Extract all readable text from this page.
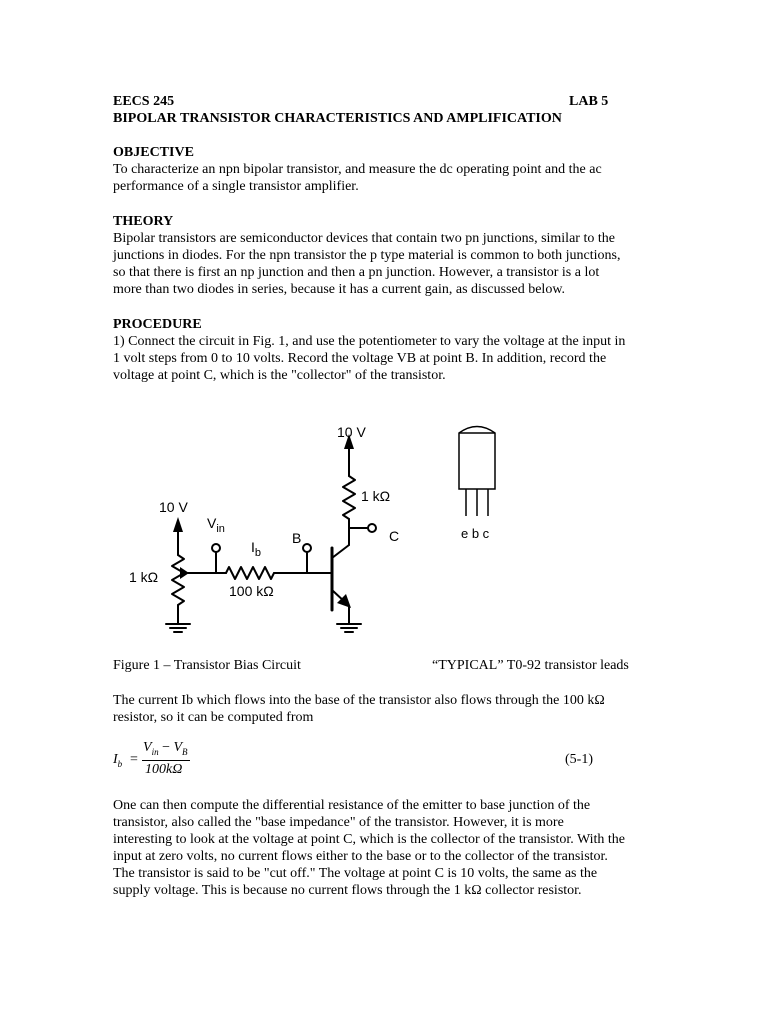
EECS 245	LAB 5
BIPOLAR TRANSISTOR CHARACTERISTICS AND AMPLIFICATION
OBJECTIVE
To characterize an npn bipolar transistor, and measure the dc operating point and the ac
performance of a single transistor amplifier.
THEORY
Bipolar transistors are semiconductor devices that contain two pn junctions, similar to the
junctions in diodes. For the npn transistor the p type material is common to both junctions,
so that there is first an np junction and then a pn junction. However, a transistor is a lot
more than two diodes in series, because it has a current gain, as discussed below.
PROCEDURE
1) Connect the circuit in Fig. 1, and use the potentiometer to vary the voltage at the input in
1 volt steps from 0 to 10 volts. Record the voltage VB at point B. In addition, record the
voltage at point C, which is the "collector" of the transistor.
10 V
1 kΩ
C
10 V
1 kΩ
$V_{in}$
$I_b$
B
100 kΩ
e b c
Figure 1 – Transistor Bias Circuit	“TYPICAL” T0-92 transistor leads
The current Ib which flows into the base of the transistor also flows through the 100 kΩ
resistor, so it can be computed from
$I_b$ =
$V_{in} - V_B$
100kΩ
(5-1)
One can then compute the differential resistance of the emitter to base junction of the
transistor, also called the "base impedance" of the transistor. However, it is more
interesting to look at the voltage at point C, which is the collector of the transistor. With the
input at zero volts, no current flows either to the base or to the collector of the transistor.
The transistor is said to be "cut off." The voltage at point C is 10 volts, the same as the
supply voltage. This is because no current flows through the 1 kΩ collector resistor.
